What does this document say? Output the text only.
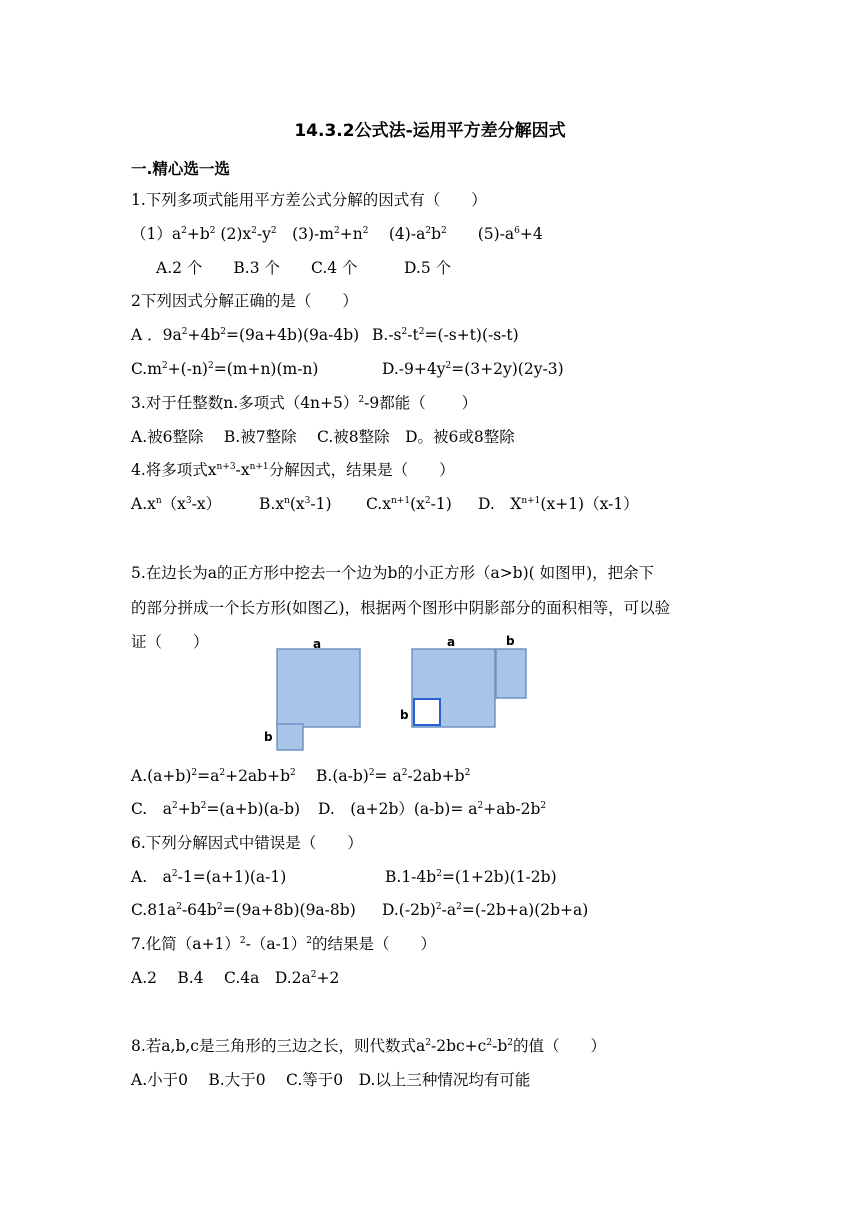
14.3.2公式法-运用平方差分解因式
一.精心选一选
1.下列多项式能用平方差公式分解的因式有（　　）
$(1)a^2+b^2$ $(2)x^2-y^2$　$(3)-m^2+n^2$　 $(4)-a^2b^2$　　$(5)-a^6+4$
A.2 个　　B.3 个　　C.4 个　　　D.5 个
2下列因式分解正确的是（　　）
A ．$9a^2+4b^2=(9a+4b)(9a-4b)$ $B.-s^2-t^2=(-s+t)(-s-t)$
$C.m^2+(-n)^2=(m+n)(m-n)$	$D.-9+4y^2=(3+2y)(2y-3)$
3.对于任整数n.多项式$(4n+5)^2-9$都能（　　 ）
A.被6整除　 B.被7整除　 C.被8整除　D。被6或8整除
4.将多项式$x^{n+3}-x^{n+1}$分解因式，结果是（　　）
$A.x^n(x^3-x)$ $B.x^n(x^3-1)$ $C.x^{n+1}(x^2-1)$ D.　$X^{n+1}(x+1)(x-1)$
5.在边长为a的正方形中挖去一个边为b的小正方形（a>b)( 如图甲)，把余下
的部分拼成一个长方形(如图乙)，根据两个图形中阴影部分的面积相等，可以验
证（　　）	a
b
a	b
b
$A.(a+b)^2=a^2+2ab+b^2$ $B.(a-b)^2= a^2-2ab+b^2$
C.　$a^2+b^2=(a+b)(a-b)$ D.　$(a+2b)(a-b)= a^2+ab-2b^2$
6.下列分解因式中错误是（　　）
A.　$a^2-1=(a+1)(a-1)$	$B.1-4b^2=(1+2b)(1-2b)$
$C.81a^2-64b^2=(9a+8b)(9a-8b)$ $D.(-2b)^2-a^2=(-2b+a)(2b+a)$
7.化简$(a+1)^2-(a-1)^2$的结果是（　　）
A.2　 B.4　 C.4a　$D.2a^2+2$
8.若a,b,c是三角形的三边之长，则代数式$a^2-2bc+c^2-b^2$的值（　　）
A.小于0　 B.大于0　 C.等于0　D.以上三种情况均有可能
